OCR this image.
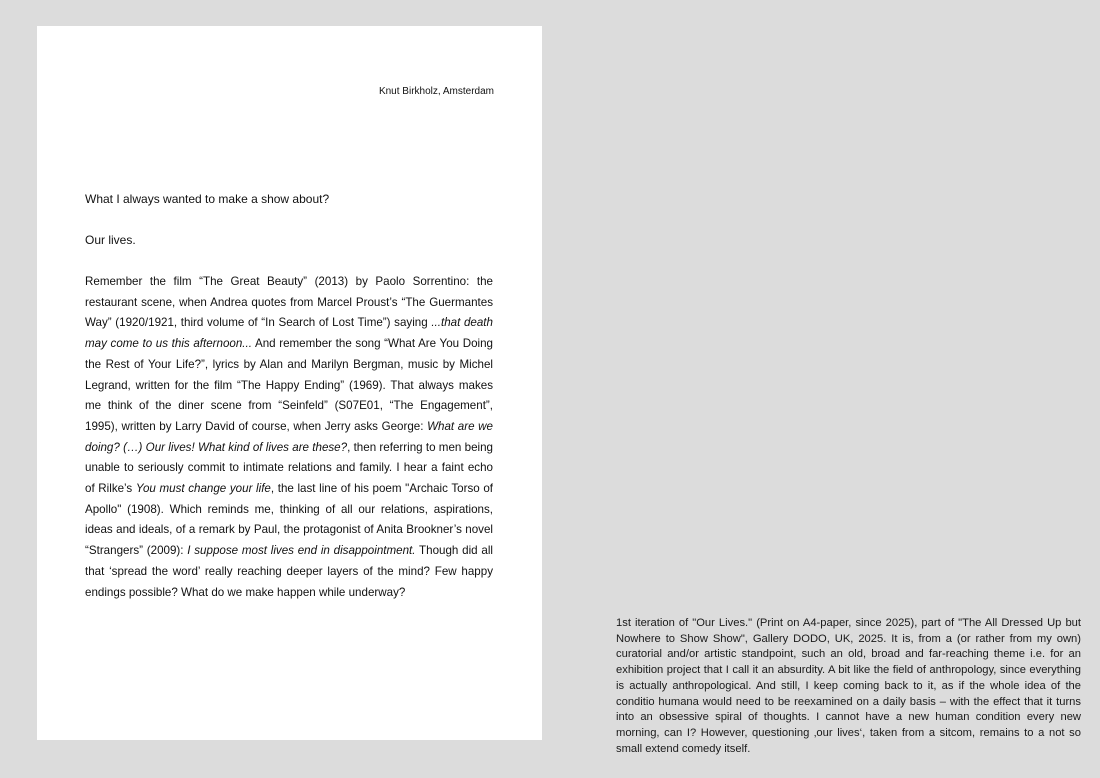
Knut Birkholz, Amsterdam
What I always wanted to make a show about?
Our lives.
Remember the film “The Great Beauty” (2013) by Paolo Sorrentino: the restaurant scene, when Andrea quotes from Marcel Proust’s “The Guermantes Way” (1920/1921, third volume of “In Search of Lost Time”) saying ...that death may come to us this afternoon... And remember the song “What Are You Doing the Rest of Your Life?”, lyrics by Alan and Marilyn Bergman, music by Michel Legrand, written for the film “The Happy Ending” (1969). That always makes me think of the diner scene from “Seinfeld” (S07E01, “The Engagement”, 1995), written by Larry David of course, when Jerry asks George: What are we doing? (…) Our lives! What kind of lives are these?, then referring to men being unable to seriously commit to intimate relations and family. I hear a faint echo of Rilke’s You must change your life, the last line of his poem "Archaic Torso of Apollo" (1908). Which reminds me, thinking of all our relations, aspirations, ideas and ideals, of a remark by Paul, the protagonist of Anita Brookner’s novel “Strangers” (2009): I suppose most lives end in disappointment. Though did all that ‘spread the word’ really reaching deeper layers of the mind? Few happy endings possible? What do we make happen while underway?
1st iteration of "Our Lives." (Print on A4-paper, since 2025), part of "The All Dressed Up but Nowhere to Show Show", Gallery DODO, UK, 2025. It is, from a (or rather from my own) curatorial and/or artistic standpoint, such an old, broad and far-reaching theme i.e. for an exhibition project that I call it an absurdity. A bit like the field of anthropology, since everything is actually anthropological. And still, I keep coming back to it, as if the whole idea of the conditio humana would need to be reexamined on a daily basis – with the effect that it turns into an obsessive spiral of thoughts. I cannot have a new human condition every new morning, can I? However, questioning ‚our lives‘, taken from a sitcom, remains to a not so small extend comedy itself.
